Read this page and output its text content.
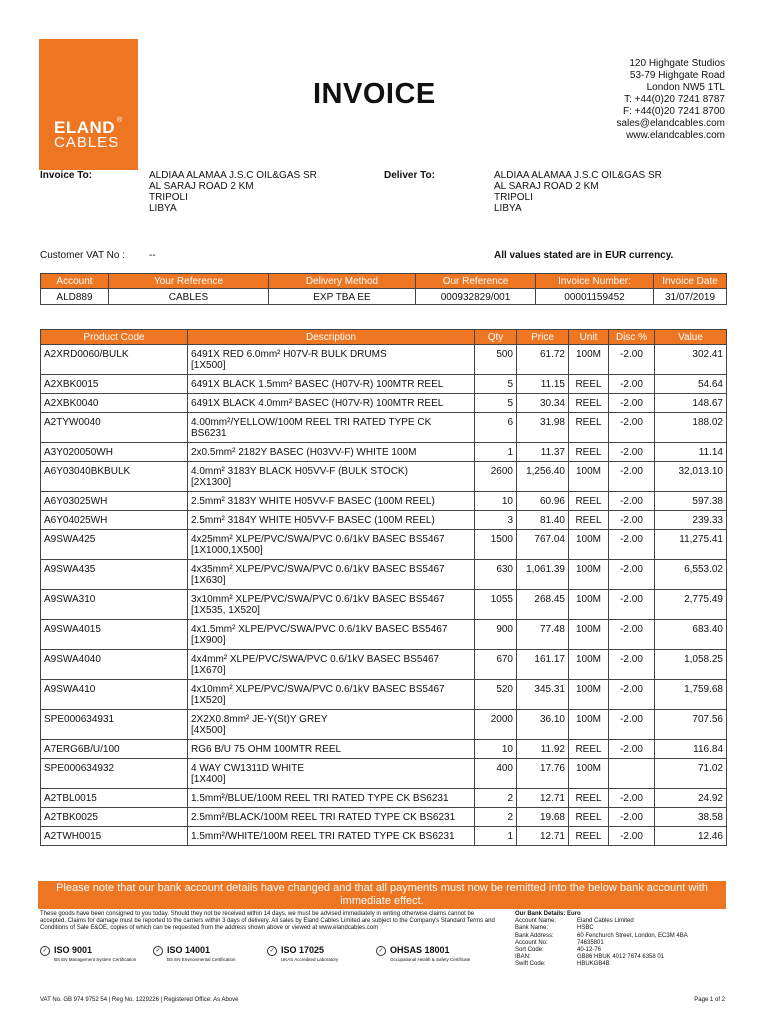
ELAND ®
CABLES
INVOICE
120 Highgate Studios
53-79 Highgate Road
London NW5 1TL
T: +44(0)20 7241 8787
F: +44(0)20 7241 8700
sales@elandcables.com
www.elandcables.com
Invoice To:	ALDIAA ALAMAA J.S.C OIL&GAS SR
AL SARAJ ROAD 2 KM
TRIPOLI
LIBYA
Deliver To:	ALDIAA ALAMAA J.S.C OIL&GAS SR
AL SARAJ ROAD 2 KM
TRIPOLI
LIBYA
Customer VAT No : --	All values stated are in EUR currency.
Account	Your Reference	Delivery Method	Our Reference	Invoice Number:	Invoice Date
ALD889	CABLES	EXP TBA EE	000932829/001	00001159452	31/07/2019
Product Code	Description	Qty	Price	Unit	Disc %	Value
A2XRD0060/BULK	6491X RED 6.0mm² H07V-R BULK DRUMS
[1X500]	500	61.72	100M	-2.00	302.41
A2XBK0015	6491X BLACK 1.5mm² BASEC (H07V-R) 100MTR REEL	5	11.15	REEL	-2.00	54.64
A2XBK0040	6491X BLACK 4.0mm² BASEC (H07V-R) 100MTR REEL	5	30.34	REEL	-2.00	148.67
A2TYW0040	4.00mm²/YELLOW/100M REEL TRI RATED TYPE CK
BS6231	6	31.98	REEL	-2.00	188.02
A3Y020050WH	2x0.5mm² 2182Y BASEC (H03VV-F) WHITE 100M	1	11.37	REEL	-2.00	11.14
A6Y03040BKBULK	4.0mm² 3183Y BLACK H05VV-F (BULK STOCK)
[2X1300]	2600	1,256.40	100M	-2.00	32,013.10
A6Y03025WH	2.5mm² 3183Y WHITE H05VV-F BASEC (100M REEL)	10	60.96	REEL	-2.00	597.38
A6Y04025WH	2.5mm² 3184Y WHITE H05VV-F BASEC (100M REEL)	3	81.40	REEL	-2.00	239.33
A9SWA425	4x25mm² XLPE/PVC/SWA/PVC 0.6/1kV BASEC BS5467
[1X1000,1X500]	1500	767.04	100M	-2.00	11,275.41
A9SWA435	4x35mm² XLPE/PVC/SWA/PVC 0.6/1kV BASEC BS5467
[1X630]	630	1,061.39	100M	-2.00	6,553.02
A9SWA310	3x10mm² XLPE/PVC/SWA/PVC 0.6/1kV BASEC BS5467
[1X535, 1X520]	1055	268.45	100M	-2.00	2,775.49
A9SWA4015	4x1.5mm² XLPE/PVC/SWA/PVC 0.6/1kV BASEC BS5467
[1X900]	900	77.48	100M	-2.00	683.40
A9SWA4040	4x4mm² XLPE/PVC/SWA/PVC 0.6/1kV BASEC BS5467
[1X670]	670	161.17	100M	-2.00	1,058.25
A9SWA410	4x10mm² XLPE/PVC/SWA/PVC 0.6/1kV BASEC BS5467
[1X520]	520	345.31	100M	-2.00	1,759.68
SPE000634931	2X2X0.8mm² JE-Y(St)Y GREY
[4X500]	2000	36.10	100M	-2.00	707.56
A7ERG6B/U/100	RG6 B/U 75 OHM 100MTR REEL	10	11.92	REEL	-2.00	116.84
SPE000634932	4 WAY CW1311D WHITE
[1X400]	400	17.76	100M		71.02
A2TBL0015	1.5mm²/BLUE/100M REEL TRI RATED TYPE CK BS6231	2	12.71	REEL	-2.00	24.92
A2TBK0025	2.5mm²/BLACK/100M REEL TRI RATED TYPE CK BS6231	2	19.68	REEL	-2.00	38.58
A2TWH0015	1.5mm²/WHITE/100M REEL TRI RATED TYPE CK BS6231	1	12.71	REEL	-2.00	12.46
Please note that our bank account details have changed and that all payments must now be remitted into the below bank account with immediate effect.
These goods have been consigned to you today. Should they not be received within 14 days, we must be advised immediately in writing otherwise claims cannot be accepted. Claims for damage must be reported to the carriers within 3 days of delivery. All sales by Eland Cables Limited are subject to the Company's Standard Terms and Conditions of Sale E&OE, copies of which can be requested from the address shown above or viewed at www.elandcables.com
✓ ISO 9001
BS EN Management System Certification
✓ ISO 14001
BS EN Environmental Certification
✓ ISO 17025
UKAS Accredited Laboratory
✓ OHSAS 18001
Occupational Health & Safety Certificate
VAT No. GB 974 9752 54 | Reg No. 1229226 | Registered Office: As Above
Our Bank Details: Euro
Account Name:	Eland Cables Limited
Bank Name:	HSBC
Bank Address:	60 Fenchurch Street, London, EC3M 4BA
Account No:	74635801
Sort Code:	40-12-76
IBAN:	GB86 HBUK 4012 7674 6358 01
Swift Code:	HBUKGB4B
Page 1 of 2
